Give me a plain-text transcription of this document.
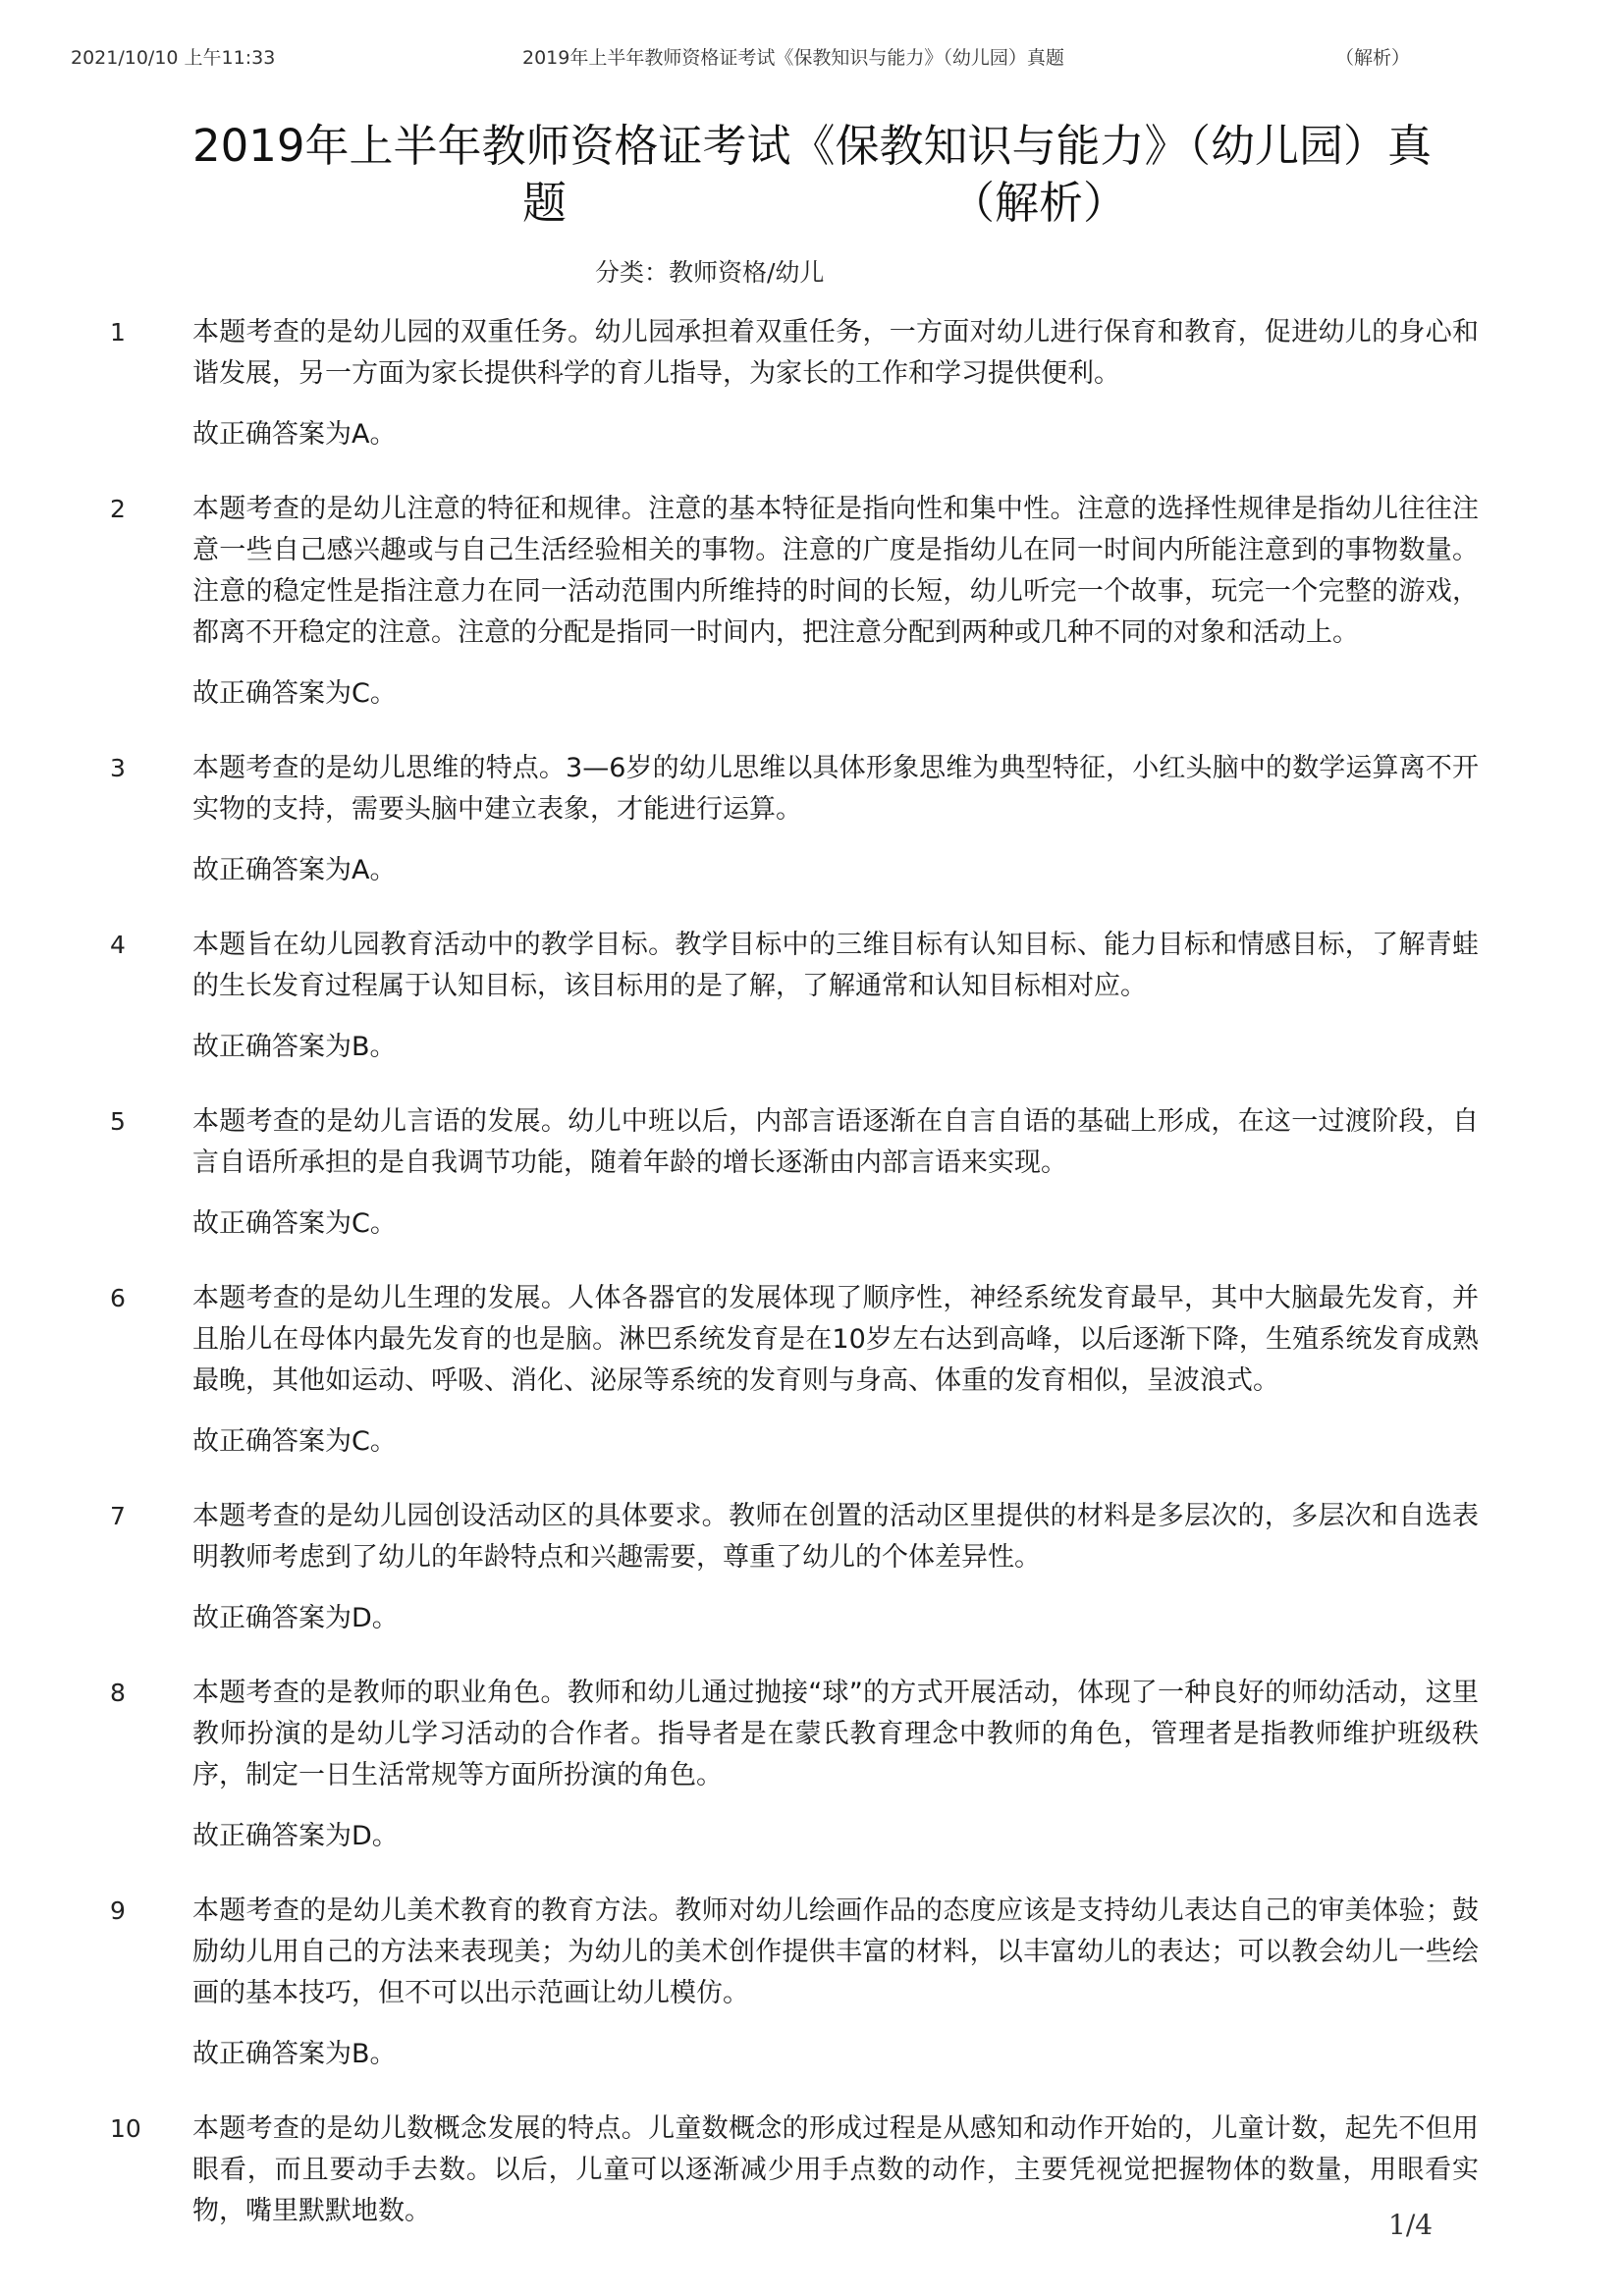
2021/10/10 上午11:33	2019年上半年教师资格证考试《保教知识与能力》（幼儿园）真题	（解析）
2019年上半年教师资格证考试《保教知识与能力》（幼儿园）真
题	（解析）
分类：教师资格/幼儿
1	本题考查的是幼儿园的双重任务。幼儿园承担着双重任务，一方面对幼儿进行保育和教育，促进幼儿的身心和谐发展，另一方面为家长提供科学的育儿指导，为家长的工作和学习提供便利。
故正确答案为A。
2	本题考查的是幼儿注意的特征和规律。注意的基本特征是指向性和集中性。注意的选择性规律是指幼儿往往注意一些自己感兴趣或与自己生活经验相关的事物。注意的广度是指幼儿在同一时间内所能注意到的事物数量。注意的稳定性是指注意力在同一活动范围内所维持的时间的长短，幼儿听完一个故事，玩完一个完整的游戏，都离不开稳定的注意。注意的分配是指同一时间内，把注意分配到两种或几种不同的对象和活动上。
故正确答案为C。
3	本题考查的是幼儿思维的特点。3—6岁的幼儿思维以具体形象思维为典型特征，小红头脑中的数学运算离不开实物的支持，需要头脑中建立表象，才能进行运算。
故正确答案为A。
4	本题旨在幼儿园教育活动中的教学目标。教学目标中的三维目标有认知目标、能力目标和情感目标，了解青蛙的生长发育过程属于认知目标，该目标用的是了解，了解通常和认知目标相对应。
故正确答案为B。
5	本题考查的是幼儿言语的发展。幼儿中班以后，内部言语逐渐在自言自语的基础上形成，在这一过渡阶段，自言自语所承担的是自我调节功能，随着年龄的增长逐渐由内部言语来实现。
故正确答案为C。
6	本题考查的是幼儿生理的发展。人体各器官的发展体现了顺序性，神经系统发育最早，其中大脑最先发育，并且胎儿在母体内最先发育的也是脑。淋巴系统发育是在10岁左右达到高峰，以后逐渐下降，生殖系统发育成熟最晚，其他如运动、呼吸、消化、泌尿等系统的发育则与身高、体重的发育相似，呈波浪式。
故正确答案为C。
7	本题考查的是幼儿园创设活动区的具体要求。教师在创置的活动区里提供的材料是多层次的，多层次和自选表明教师考虑到了幼儿的年龄特点和兴趣需要，尊重了幼儿的个体差异性。
故正确答案为D。
8	本题考查的是教师的职业角色。教师和幼儿通过抛接“球”的方式开展活动，体现了一种良好的师幼活动，这里教师扮演的是幼儿学习活动的合作者。指导者是在蒙氏教育理念中教师的角色，管理者是指教师维护班级秩序，制定一日生活常规等方面所扮演的角色。
故正确答案为D。
9	本题考查的是幼儿美术教育的教育方法。教师对幼儿绘画作品的态度应该是支持幼儿表达自己的审美体验；鼓励幼儿用自己的方法来表现美；为幼儿的美术创作提供丰富的材料，以丰富幼儿的表达；可以教会幼儿一些绘画的基本技巧，但不可以出示范画让幼儿模仿。
故正确答案为B。
10 本题考查的是幼儿数概念发展的特点。儿童数概念的形成过程是从感知和动作开始的，儿童计数，起先不但用眼看，而且要动手去数。以后，儿童可以逐渐减少用手点数的动作，主要凭视觉把握物体的数量，用眼看实物，嘴里默默地数。	1/4
